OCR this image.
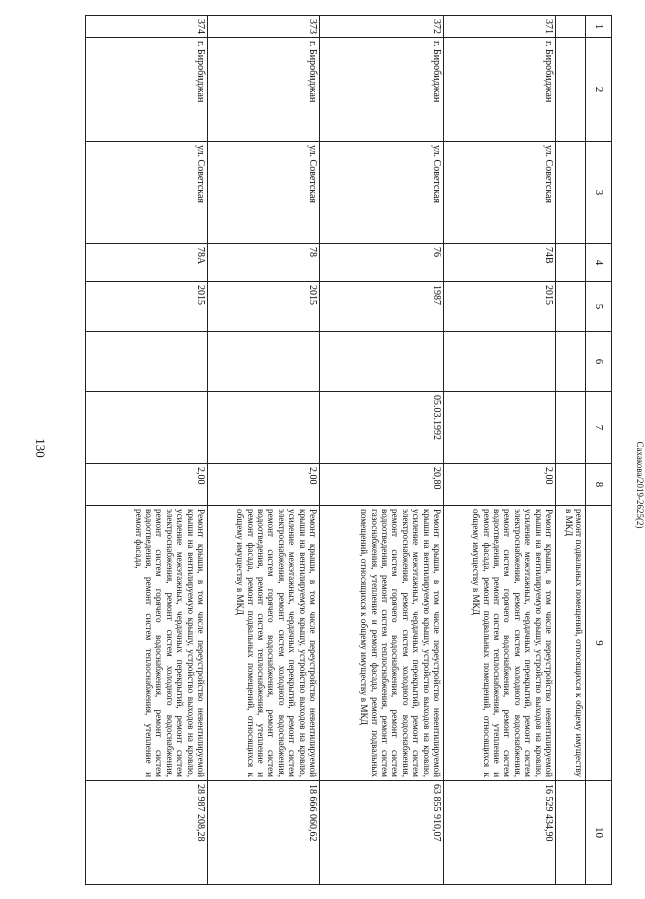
130
1	2	3	4	5	6	7	8	9	10
								ремонт подвальных помещений, относящихся к общему имуществу в МКД	
371	г. Биробиджан	ул. Советская	74В	2015			2,00	Ремонт крыши, в том числе переустройство невентилируемой крыши на вентилируемую крышу, устройство выходов на кровлю, усиление межэтажных, чердачных перекрытий, ремонт систем электроснабжения, ремонт систем холодного водоснабжения, ремонт систем горячего водоснабжения, ремонт систем водоотведения, ремонт систем теплоснабжения, утепление и ремонт фасада, ремонт подвальных помещений, относящихся к общему имуществу в МКД	16 529 434,90
372	г. Биробиджан	ул. Советская	76	1987		05.03.1992	20,80	Ремонт крыши, в том числе переустройство невентилируемой крыши на вентилируемую крышу, устройство выходов на кровлю, усиление межэтажных, чердачных перекрытий, ремонт систем электроснабжения, ремонт систем холодного водоснабжения, ремонт систем горячего водоснабжения, ремонт систем водоотведения, ремонт систем теплоснабжения, ремонт систем газоснабжения, утепление и ремонт фасада, ремонт подвальных помещений, относящихся к общему имуществу в МКД	63 855 910,07
373	г. Биробиджан	ул. Советская	78	2015			2,00	Ремонт крыши, в том числе переустройство невентилируемой крыши на вентилируемую крышу, устройство выходов на кровлю, усиление межэтажных, чердачных перекрытий, ремонт систем электроснабжения, ремонт систем холодного водоснабжения, ремонт систем горячего водоснабжения, ремонт систем водоотведения, ремонт систем теплоснабжения, утепление и ремонт фасада, ремонт подвальных помещений, относящихся к общему имуществу в МКД	18 666 060,62
374	г. Биробиджан	ул. Советская	78А	2015			2,00	Ремонт крыши, в том числе переустройство невентилируемой крыши на вентилируемую крышу, устройство выходов на кровлю, усиление межэтажных, чердачных перекрытий, ремонт систем электроснабжения, ремонт систем холодного водоснабжения, ремонт систем горячего водоснабжения, ремонт систем водоотведения, ремонт систем теплоснабжения, утепление и ремонт фасада,	28 987 208,28
Сахакова/2019-2625(2)
